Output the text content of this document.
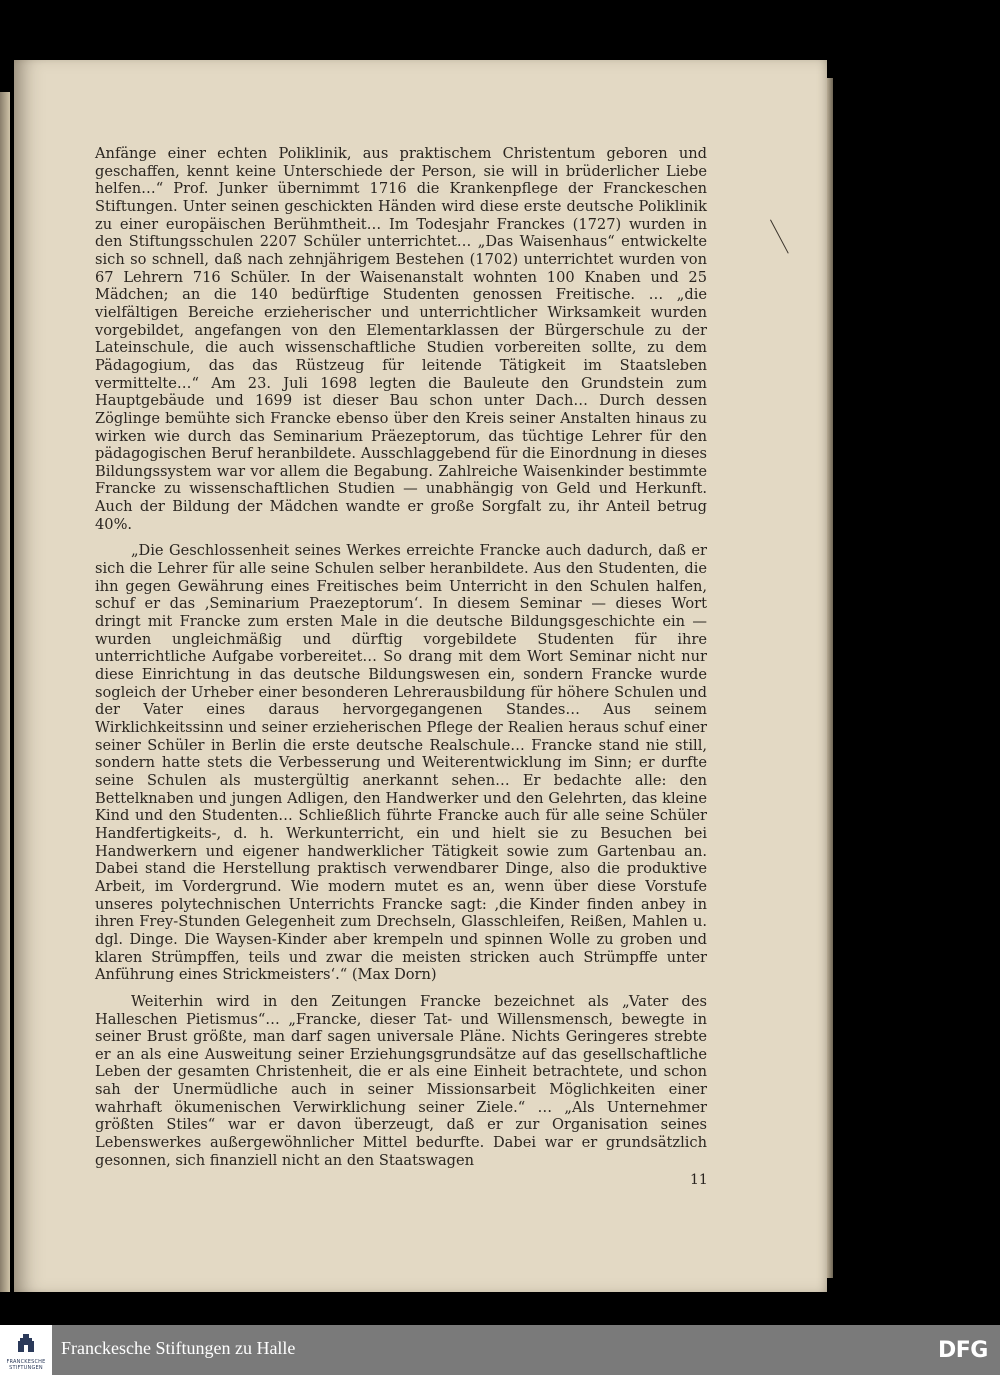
Anfänge einer echten Poliklinik, aus praktischem Christentum geboren und geschaffen, kennt keine Unterschiede der Person, sie will in brüderlicher Liebe helfen…“ Prof. Junker übernimmt 1716 die Krankenpflege der Franckeschen Stiftungen. Unter seinen geschickten Händen wird diese erste deutsche Poliklinik zu einer europäischen Berühmtheit… Im Todesjahr Franckes (1727) wurden in den Stiftungsschulen 2207 Schüler unterrichtet… „Das Waisenhaus“ entwickelte sich so schnell, daß nach zehnjährigem Bestehen (1702) unterrichtet wurden von 67 Lehrern 716 Schüler. In der Waisenanstalt wohnten 100 Knaben und 25 Mädchen; an die 140 bedürftige Studenten genossen Freitische. … „die vielfältigen Bereiche erzieherischer und unterrichtlicher Wirksamkeit wurden vorgebildet, angefangen von den Elementarklassen der Bürgerschule zu der Lateinschule, die auch wissenschaftliche Studien vorbereiten sollte, zu dem Pädagogium, das das Rüstzeug für leitende Tätigkeit im Staatsleben vermittelte…“ Am 23. Juli 1698 legten die Bauleute den Grundstein zum Hauptgebäude und 1699 ist dieser Bau schon unter Dach… Durch dessen Zöglinge bemühte sich Francke ebenso über den Kreis seiner Anstalten hinaus zu wirken wie durch das Seminarium Präezeptorum, das tüchtige Lehrer für den pädagogischen Beruf heranbildete. Ausschlaggebend für die Einordnung in dieses Bildungssystem war vor allem die Begabung. Zahlreiche Waisenkinder bestimmte Francke zu wissenschaftlichen Studien — unabhängig von Geld und Herkunft. Auch der Bildung der Mädchen wandte er große Sorgfalt zu, ihr Anteil betrug 40%.

„Die Geschlossenheit seines Werkes erreichte Francke auch dadurch, daß er sich die Lehrer für alle seine Schulen selber heranbildete. Aus den Studenten, die ihn gegen Gewährung eines Freitisches beim Unterricht in den Schulen halfen, schuf er das ‚Seminarium Praezeptorum‘. In diesem Seminar — dieses Wort dringt mit Francke zum ersten Male in die deutsche Bildungsgeschichte ein — wurden ungleichmäßig und dürftig vorgebildete Studenten für ihre unterrichtliche Aufgabe vorbereitet… So drang mit dem Wort Seminar nicht nur diese Einrichtung in das deutsche Bildungswesen ein, sondern Francke wurde sogleich der Urheber einer besonderen Lehrerausbildung für höhere Schulen und der Vater eines daraus hervorgegangenen Standes… Aus seinem Wirklichkeitssinn und seiner erzieherischen Pflege der Realien heraus schuf einer seiner Schüler in Berlin die erste deutsche Realschule… Francke stand nie still, sondern hatte stets die Verbesserung und Weiterentwicklung im Sinn; er durfte seine Schulen als mustergültig anerkannt sehen… Er bedachte alle: den Bettelknaben und jungen Adligen, den Handwerker und den Gelehrten, das kleine Kind und den Studenten… Schließlich führte Francke auch für alle seine Schüler Handfertigkeits-, d. h. Werkunterricht, ein und hielt sie zu Besuchen bei Handwerkern und eigener handwerklicher Tätigkeit sowie zum Gartenbau an. Dabei stand die Herstellung praktisch verwendbarer Dinge, also die produktive Arbeit, im Vordergrund. Wie modern mutet es an, wenn über diese Vorstufe unseres polytechnischen Unterrichts Francke sagt: ‚die Kinder finden anbey in ihren Frey-Stunden Gelegenheit zum Drechseln, Glasschleifen, Reißen, Mahlen u. dgl. Dinge. Die Waysen-Kinder aber krempeln und spinnen Wolle zu groben und klaren Strümpffen, teils und zwar die meisten stricken auch Strümpffe unter Anführung eines Strickmeisters‘.“ (Max Dorn)

Weiterhin wird in den Zeitungen Francke bezeichnet als „Vater des Halleschen Pietismus“… „Francke, dieser Tat- und Willensmensch, bewegte in seiner Brust größte, man darf sagen universale Pläne. Nichts Geringeres strebte er an als eine Ausweitung seiner Erziehungsgrundsätze auf das gesellschaftliche Leben der gesamten Christenheit, die er als eine Einheit betrachtete, und schon sah der Unermüdliche auch in seiner Missionsarbeit Möglichkeiten einer wahrhaft ökumenischen Verwirklichung seiner Ziele.“ … „Als Unternehmer größten Stiles“ war er davon überzeugt, daß er zur Organisation seines Lebenswerkes außergewöhnlicher Mittel bedurfte. Dabei war er grundsätzlich gesonnen, sich finanziell nicht an den Staatswagen

11
FRANCKESCHE
STIFTUNGEN
Franckesche Stiftungen zu Halle	DFG
